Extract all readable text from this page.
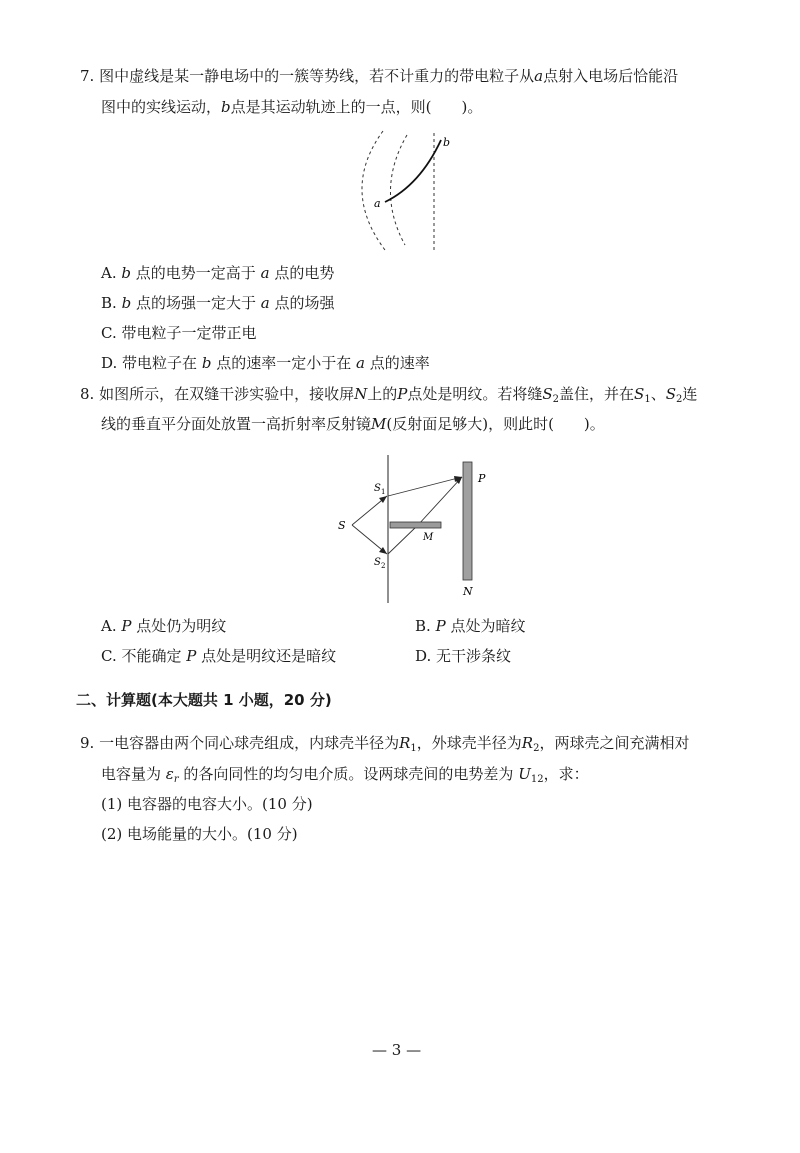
7. 图中虚线是某一静电场中的一簇等势线，若不计重力的带电粒子从a点射入电场后恰能沿
图中的实线运动，b点是其运动轨迹上的一点，则(　　)。
a
b
A. b 点的电势一定高于 a 点的电势
B. b 点的场强一定大于 a 点的场强
C. 带电粒子一定带正电
D. 带电粒子在 b 点的速率一定小于在 a 点的速率
8. 如图所示，在双缝干涉实验中，接收屏N上的P点处是明纹。若将缝$S_2$盖住，并在$S_1$、$S_2$连
线的垂直平分面处放置一高折射率反射镜M(反射面足够大)，则此时(　　)。
S
S 1
S 2
M
P
N
A. P 点处仍为明纹	B. P 点处为暗纹
C. 不能确定 P 点处是明纹还是暗纹	D. 无干涉条纹
二、计算题(本大题共 1 小题，20 分)
9. 一电容器由两个同心球壳组成，内球壳半径为$R_1$，外球壳半径为$R_2$，两球壳之间充满相对
电容量为 $\varepsilon_r$ 的各向同性的均匀电介质。设两球壳间的电势差为 $U_{12}$，求：
(1) 电容器的电容大小。(10 分)
(2) 电场能量的大小。(10 分)
— 3 —
